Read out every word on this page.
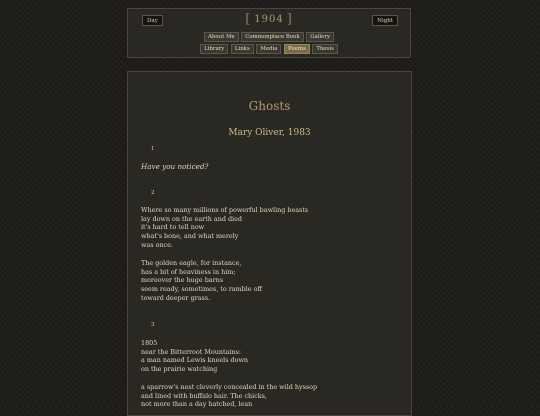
Day	[ 1904 ]	Night
About Me Commonplace Book Gallery
Library Links Media Poems Thesis
Ghosts
Mary Oliver, 1983
1
Have you noticed?
2
Where so many millions of powerful bawling beasts
lay down on the earth and died
it's hard to tell now
what's bone, and what merely
was once.
The golden eagle, for instance,
has a bit of heaviness in him;
moreover the huge barns
seem ready, sometimes, to ramble off
toward deeper grass.
3
1805
near the Bitterroot Mountains:
a man named Lewis kneels down
on the prairie watching
a sparrow's nest cleverly concealed in the wild hyssop
and lined with buffalo hair. The chicks,
not more than a day hatched, lean
